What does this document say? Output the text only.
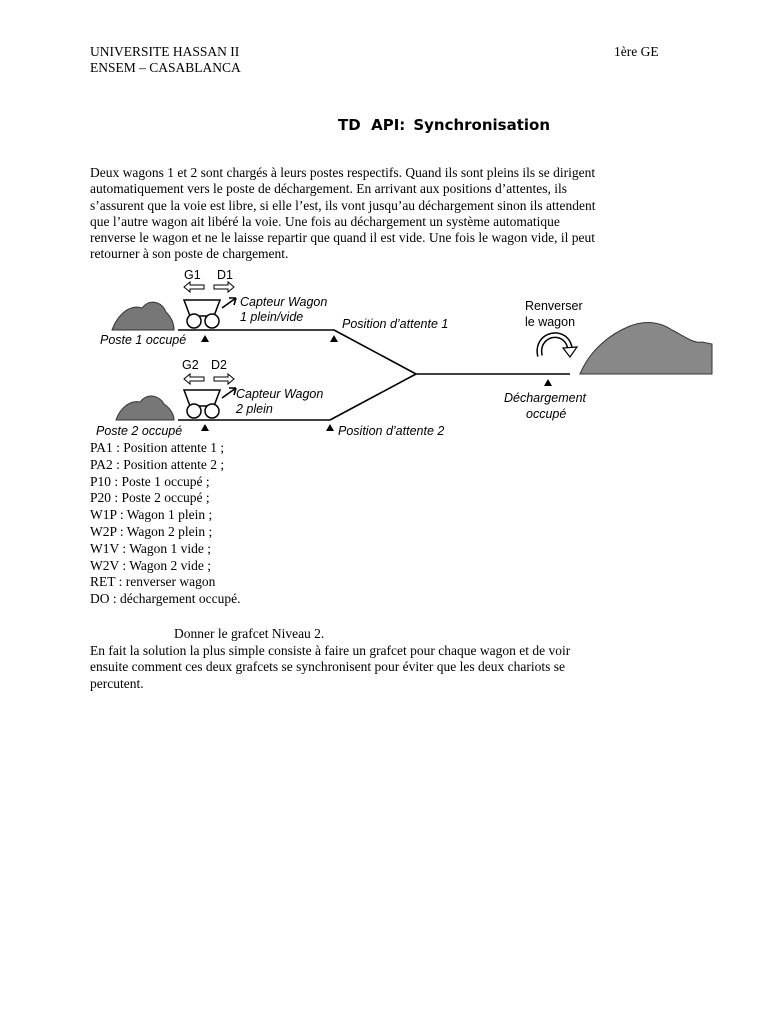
UNIVERSITE HASSAN II
ENSEM – CASABLANCA
1ère GE
TD  API: Synchronisation
Deux wagons 1 et 2 sont chargés à leurs postes respectifs. Quand ils sont pleins ils se dirigent
automatiquement vers le poste de déchargement. En arrivant aux positions d’attentes, ils
s’assurent que la voie est libre, si elle l’est, ils vont jusqu’au déchargement sinon ils attendent
que l’autre wagon ait libéré la voie. Une fois au déchargement un système automatique
renverse le wagon et ne le laisse repartir que quand il est vide. Une fois le wagon vide, il peut
retourner à son poste de chargement.
G1 D1
Capteur Wagon
1 plein/vide
Poste 1 occupé
Position d’attente 1
G2 D2
Capteur Wagon
2 plein
Poste 2 occupé	Position d’attente 2
Renverser
le wagon
Déchargement
occupé
PA1 : Position attente 1 ;
PA2 : Position attente 2 ;
P10 : Poste 1 occupé ;
P20 : Poste 2 occupé ;
W1P : Wagon 1 plein ;
W2P : Wagon 2 plein ;
W1V : Wagon 1 vide ;
W2V : Wagon 2 vide ;
RET : renverser wagon
DO : déchargement occupé.
Donner le grafcet Niveau 2.
En fait la solution la plus simple consiste à faire un grafcet pour chaque wagon et de voir
ensuite comment ces deux grafcets se synchronisent pour éviter que les deux chariots se
percutent.
